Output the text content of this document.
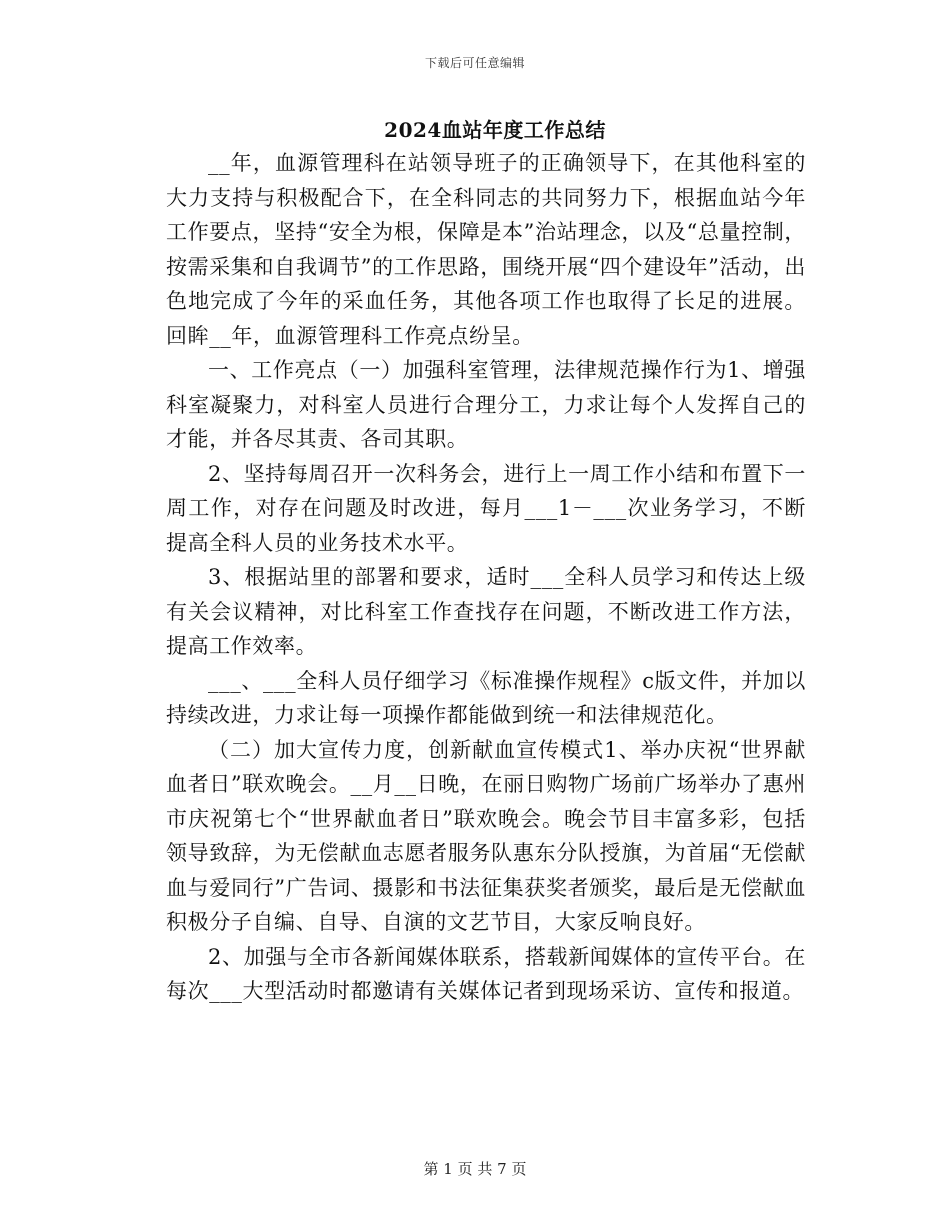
下载后可任意编辑
2024血站年度工作总结

__年，血源管理科在站领导班子的正确领导下，在其他科室的大力支持与积极配合下，在全科同志的共同努力下，根据血站今年工作要点，坚持“安全为根，保障是本”治站理念，以及“总量控制，按需采集和自我调节”的工作思路，围绕开展“四个建设年”活动，出色地完成了今年的采血任务，其他各项工作也取得了长足的进展。回眸__年，血源管理科工作亮点纷呈。

一、工作亮点（一）加强科室管理，法律规范操作行为1、增强科室凝聚力，对科室人员进行合理分工，力求让每个人发挥自己的才能，并各尽其责、各司其职。

2、坚持每周召开一次科务会，进行上一周工作小结和布置下一周工作，对存在问题及时改进，每月___1－___次业务学习，不断提高全科人员的业务技术水平。

3、根据站里的部署和要求，适时___全科人员学习和传达上级有关会议精神，对比科室工作查找存在问题，不断改进工作方法，提高工作效率。

___、___全科人员仔细学习《标准操作规程》c版文件，并加以持续改进，力求让每一项操作都能做到统一和法律规范化。

（二）加大宣传力度，创新献血宣传模式1、举办庆祝“世界献血者日”联欢晚会。__月__日晚，在丽日购物广场前广场举办了惠州市庆祝第七个“世界献血者日”联欢晚会。晚会节目丰富多彩，包括领导致辞，为无偿献血志愿者服务队惠东分队授旗，为首届“无偿献血与爱同行”广告词、摄影和书法征集获奖者颁奖，最后是无偿献血积极分子自编、自导、自演的文艺节目，大家反响良好。

2、加强与全市各新闻媒体联系，搭载新闻媒体的宣传平台。在每次___大型活动时都邀请有关媒体记者到现场采访、宣传和报道。

第 1 页 共 7 页
